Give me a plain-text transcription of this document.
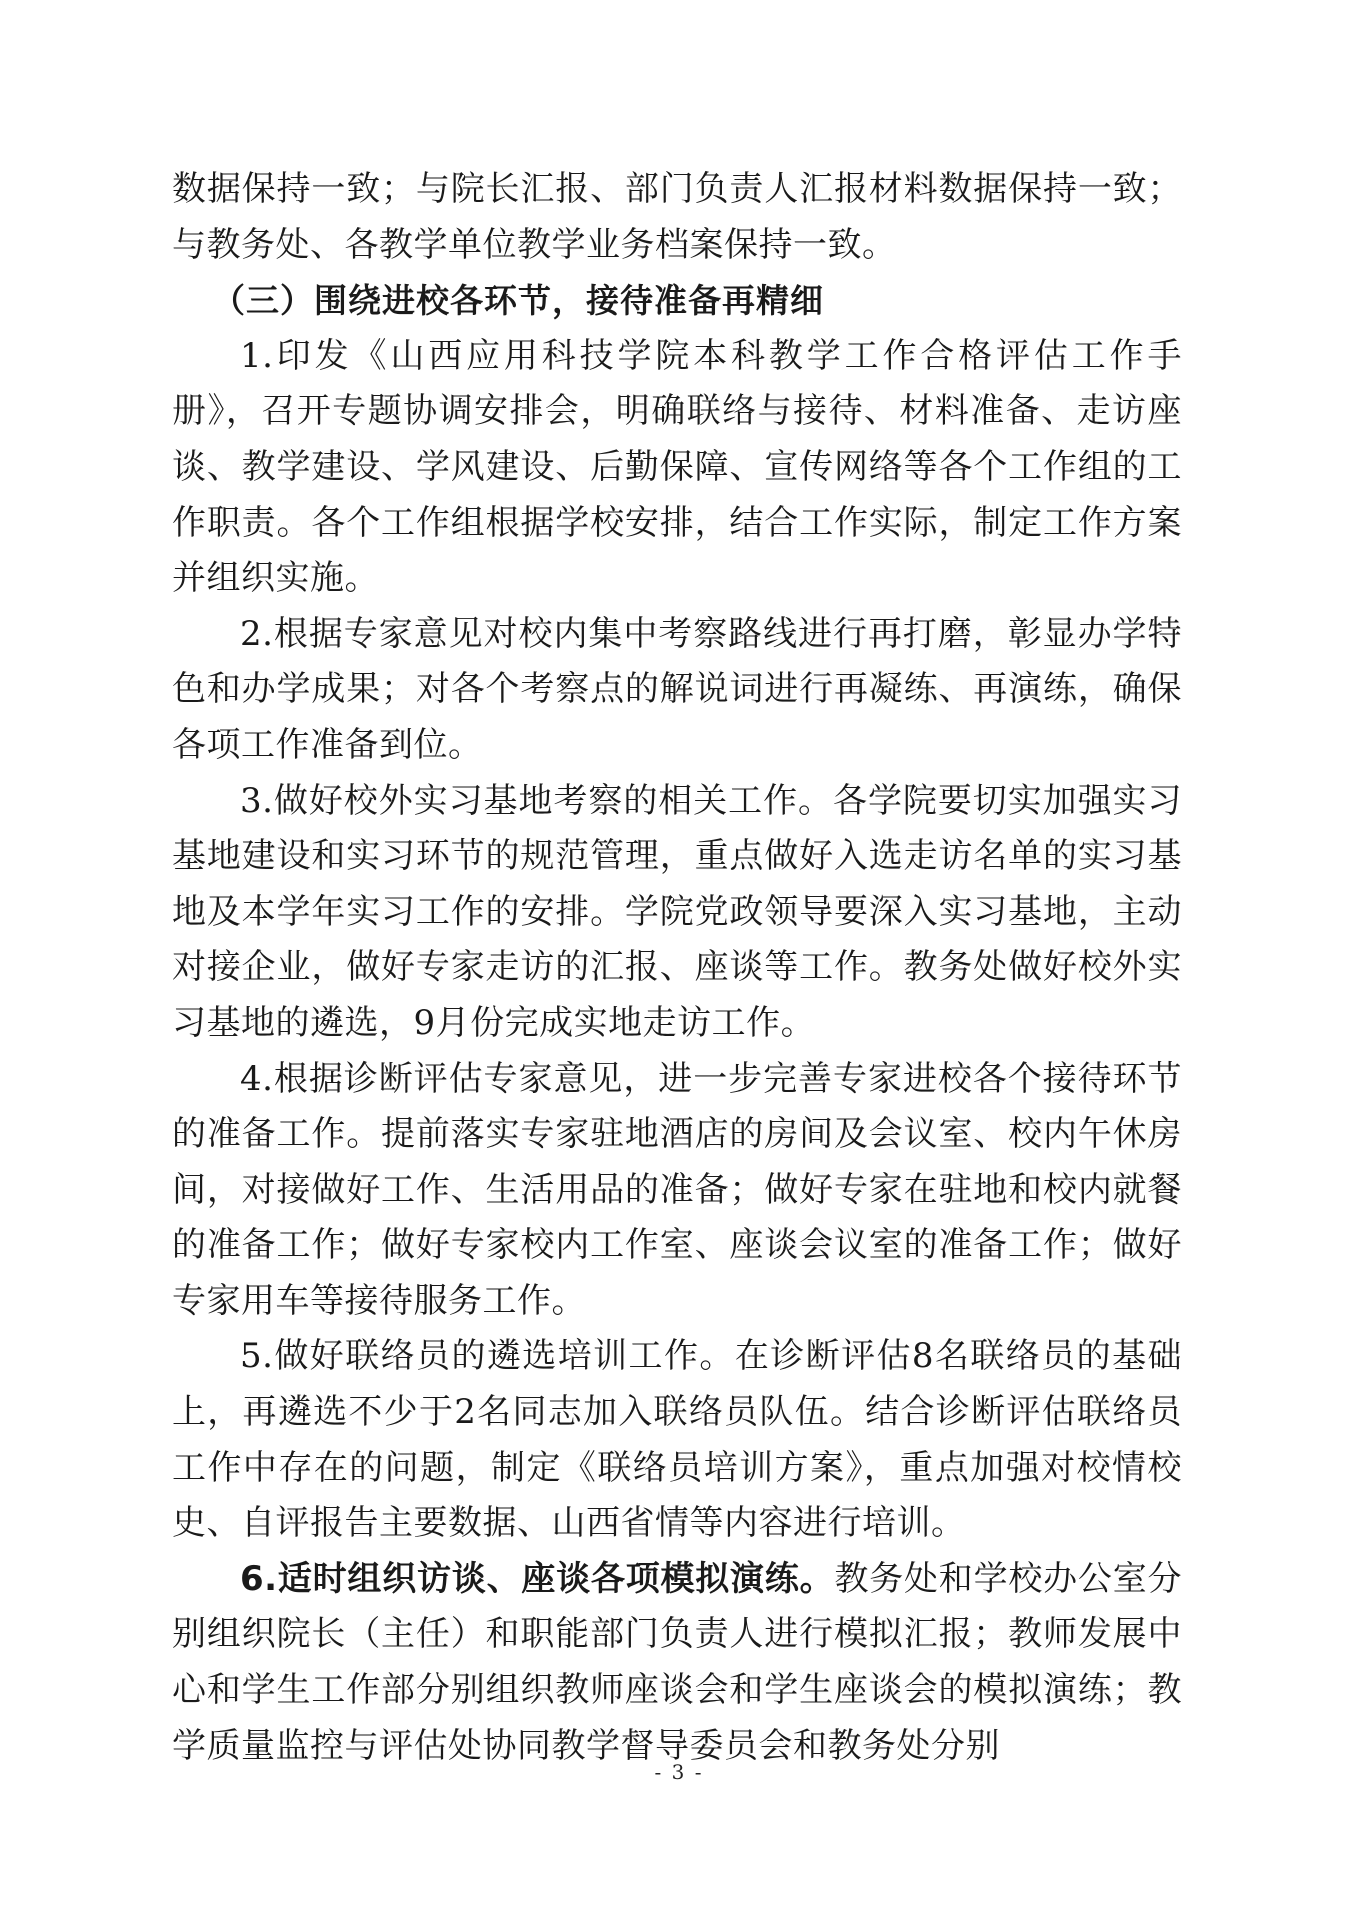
数据保持一致；与院长汇报、部门负责人汇报材料数据保持一致；与教务处、各教学单位教学业务档案保持一致。

（三）围绕进校各环节，接待准备再精细

1.印发《山西应用科技学院本科教学工作合格评估工作手册》，召开专题协调安排会，明确联络与接待、材料准备、走访座谈、教学建设、学风建设、后勤保障、宣传网络等各个工作组的工作职责。各个工作组根据学校安排，结合工作实际，制定工作方案并组织实施。

2.根据专家意见对校内集中考察路线进行再打磨，彰显办学特色和办学成果；对各个考察点的解说词进行再凝练、再演练，确保各项工作准备到位。

3.做好校外实习基地考察的相关工作。各学院要切实加强实习基地建设和实习环节的规范管理，重点做好入选走访名单的实习基地及本学年实习工作的安排。学院党政领导要深入实习基地，主动对接企业，做好专家走访的汇报、座谈等工作。教务处做好校外实习基地的遴选，9月份完成实地走访工作。

4.根据诊断评估专家意见，进一步完善专家进校各个接待环节的准备工作。提前落实专家驻地酒店的房间及会议室、校内午休房间，对接做好工作、生活用品的准备；做好专家在驻地和校内就餐的准备工作；做好专家校内工作室、座谈会议室的准备工作；做好专家用车等接待服务工作。

5.做好联络员的遴选培训工作。在诊断评估8名联络员的基础上，再遴选不少于2名同志加入联络员队伍。结合诊断评估联络员工作中存在的问题，制定《联络员培训方案》，重点加强对校情校史、自评报告主要数据、山西省情等内容进行培训。

6.适时组织访谈、座谈各项模拟演练。教务处和学校办公室分别组织院长（主任）和职能部门负责人进行模拟汇报；教师发展中心和学生工作部分别组织教师座谈会和学生座谈会的模拟演练；教学质量监控与评估处协同教学督导委员会和教务处分别

- 3 -
